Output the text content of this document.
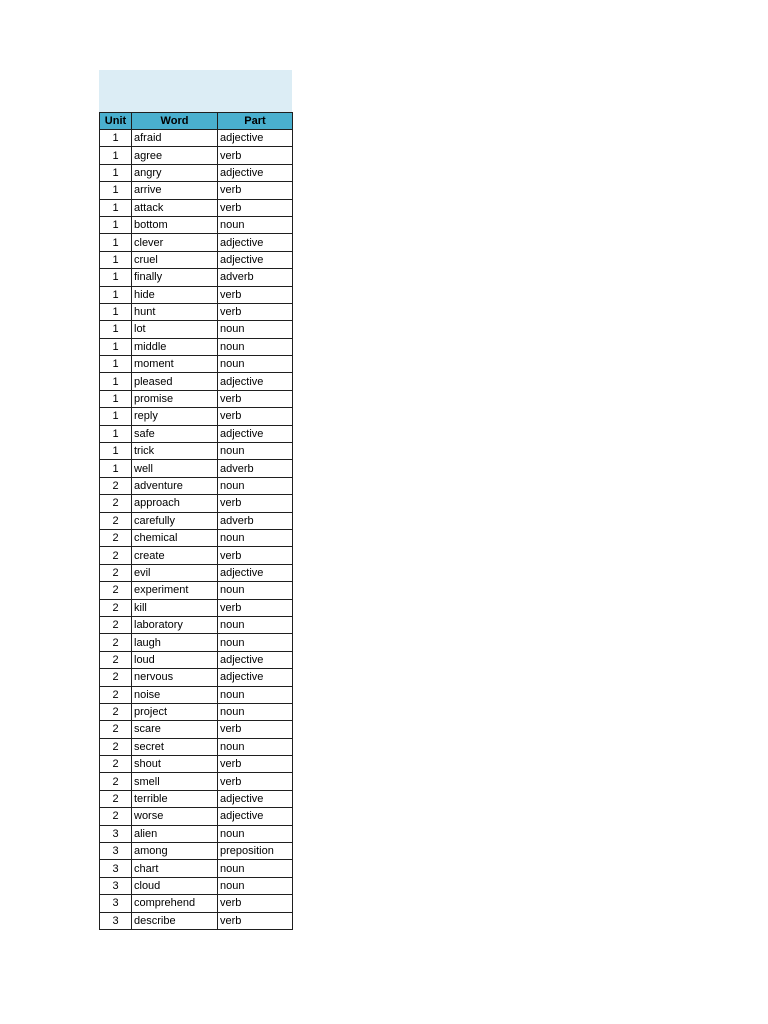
Unit	Word	Part
1	afraid	adjective
1	agree	verb
1	angry	adjective
1	arrive	verb
1	attack	verb
1	bottom	noun
1	clever	adjective
1	cruel	adjective
1	finally	adverb
1	hide	verb
1	hunt	verb
1	lot	noun
1	middle	noun
1	moment	noun
1	pleased	adjective
1	promise	verb
1	reply	verb
1	safe	adjective
1	trick	noun
1	well	adverb
2	adventure	noun
2	approach	verb
2	carefully	adverb
2	chemical	noun
2	create	verb
2	evil	adjective
2	experiment	noun
2	kill	verb
2	laboratory	noun
2	laugh	noun
2	loud	adjective
2	nervous	adjective
2	noise	noun
2	project	noun
2	scare	verb
2	secret	noun
2	shout	verb
2	smell	verb
2	terrible	adjective
2	worse	adjective
3	alien	noun
3	among	preposition
3	chart	noun
3	cloud	noun
3	comprehend	verb
3	describe	verb
